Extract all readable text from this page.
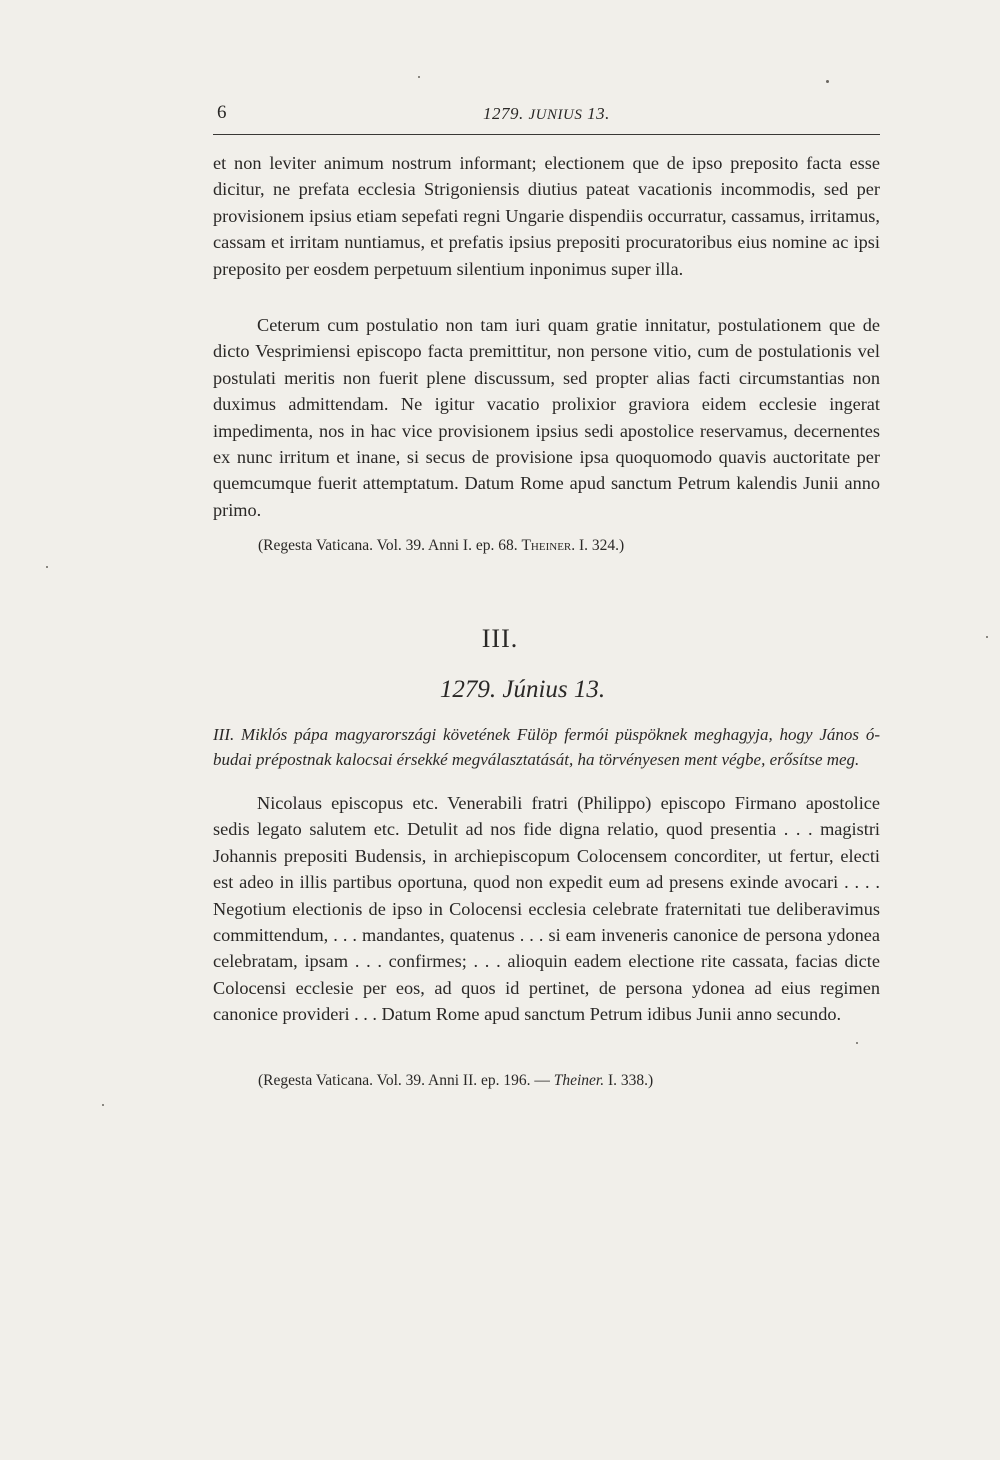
6	1279. JUNIUS 13.

et non leviter animum nostrum informant; electionem que de ipso preposito facta esse dicitur, ne prefata ecclesia Strigoniensis diutius pateat vacationis incommodis, sed per provisionem ipsius etiam sepefati regni Ungarie dispendiis occurratur, cassamus, irritamus, cassam et irritam nuntiamus, et prefatis ipsius prepositi procuratoribus eius nomine ac ipsi preposito per eosdem perpetuum silentium inponimus super illa.

Ceterum cum postulatio non tam iuri quam gratie innitatur, postulationem que de dicto Vesprimiensi episcopo facta premittitur, non persone vitio, cum de postulationis vel postulati meritis non fuerit plene discussum, sed propter alias facti circumstantias non duximus admittendam. Ne igitur vacatio prolixior graviora eidem ecclesie ingerat impedimenta, nos in hac vice provisionem ipsius sedi apostolice reservamus, decernentes ex nunc irritum et inane, si secus de provisione ipsa quoquomodo quavis auctoritate per quemcumque fuerit attemptatum. Datum Rome apud sanctum Petrum kalendis Junii anno primo.

(Regesta Vaticana. Vol. 39. Anni I. ep. 68. Theiner. I. 324.)
III.
1279. Június 13.
III. Miklós pápa magyarországi követének Fülöp fermói püspöknek meghagyja, hogy János ó-budai prépostnak kalocsai érsekké megválasztatását, ha törvényesen ment végbe, erősítse meg.

Nicolaus episcopus etc. Venerabili fratri (Philippo) episcopo Firmano apostolice sedis legato salutem etc. Detulit ad nos fide digna relatio, quod presentia . . . magistri Johannis prepositi Budensis, in archiepiscopum Colocensem concorditer, ut fertur, electi est adeo in illis partibus oportuna, quod non expedit eum ad presens exinde avocari . . . . Negotium electionis de ipso in Colocensi ecclesia celebrate fraternitati tue deliberavimus committendum, . . . mandantes, quatenus . . . si eam inveneris canonice de persona ydonea celebratam, ipsam . . . confirmes; . . . alioquin eadem electione rite cassata, facias dicte Colocensi ecclesie per eos, ad quos id pertinet, de persona ydonea ad eius regimen canonice provideri . . . Datum Rome apud sanctum Petrum idibus Junii anno secundo.

(Regesta Vaticana. Vol. 39. Anni II. ep. 196. — Theiner. I. 338.)
